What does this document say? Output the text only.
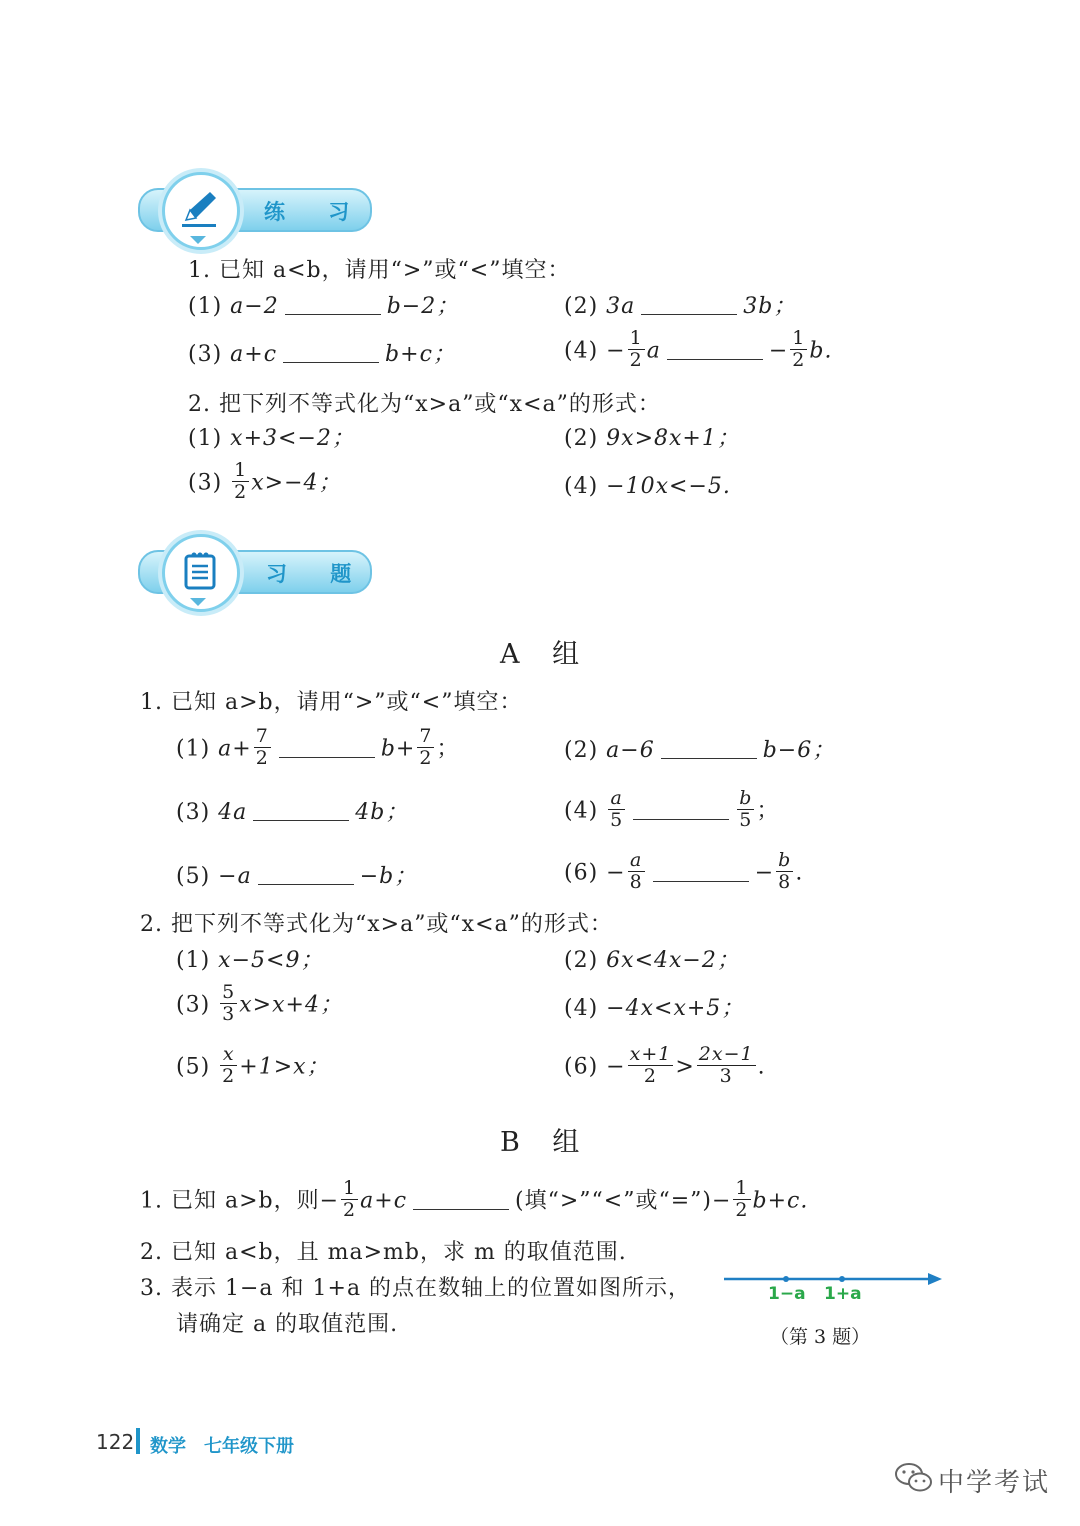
练 习
1. 已知 a<b，请用“>”或“<”填空：
(1) a−2	b−2；	(2) 3a	3b；
(3) a+c	b+c；	$(4) - \frac{1}{2}$ a	− $\frac{1}{2} b$.
2. 把下列不等式化为“x>a”或“x<a”的形式：
(1) x+3<−2；	(2) 9x>8x+1；
$(3) \frac{1}{2} x>-4$；	(4) −10x<−5.
习 题
A 组
1. 已知 a>b，请用“>”或“<”填空：
(1) $a+ \frac{7}{2}$	$b+ \frac{7}{2}$ ；	(2) a−6	b−6；
(3) 4a	4b；	$(4) \frac{a}{5}$	$\frac{b}{5}$ ；
(5) −a	−b；	$(6) - \frac{a}{8}$	− $\frac{b}{8}$ .
2. 把下列不等式化为“x>a”或“x<a”的形式：
(1) x−5<9；	(2) 6x<4x−2；
$(3) \frac{5}{3} x>x+4$；	(4) −4x<x+5；
$(5) \frac{x}{2} +1>x$；	$(6) - \frac{x+1}{2} > \frac{2x-1}{3}$ .
B 组
1. 已知 a>b，则− $\frac{1}{2} a+c$	(填“>”“<”或“=”)− $\frac{1}{2} b+c$.
2. 已知 a<b，且 ma>mb，求 m 的取值范围.
3. 表示 1−a 和 1+a 的点在数轴上的位置如图所示，
请确定 a 的取值范围.
1−a 1+a
（第 3 题）
122 数学　七年级下册
中学考试
